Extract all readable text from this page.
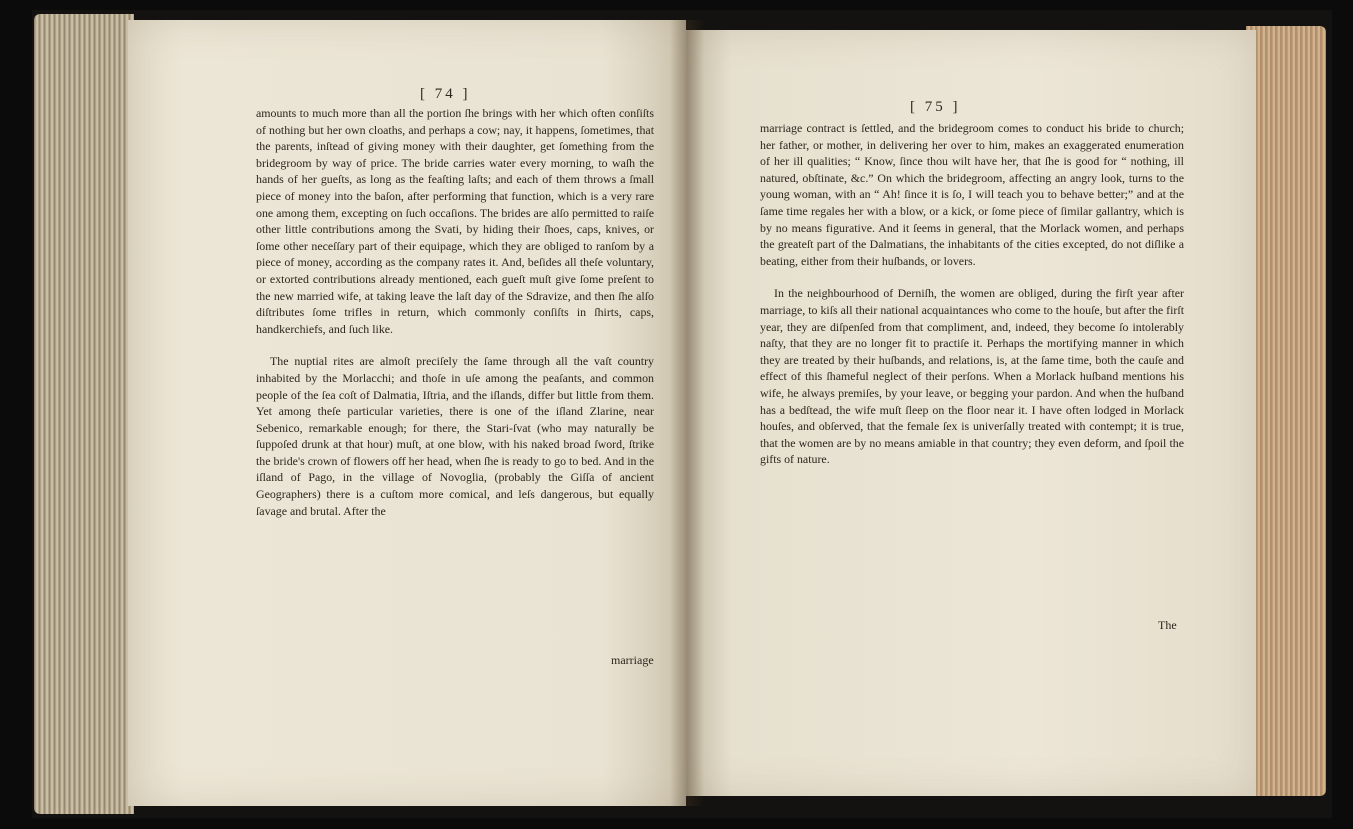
[ 74 ]

amounts to much more than all the portion ſhe brings with her which often conſiſts of nothing but her own cloaths, and perhaps a cow; nay, it happens, ſometimes, that the parents, inſtead of giving money with their daughter, get ſomething from the bridegroom by way of price. The bride carries water every morning, to waſh the hands of her gueſts, as long as the feaſting laſts; and each of them throws a ſmall piece of money into the baſon, after performing that function, which is a very rare one among them, excepting on ſuch occaſions. The brides are alſo permitted to raiſe other little contributions among the Svati, by hiding their ſhoes, caps, knives, or ſome other neceſſary part of their equipage, which they are obliged to ranſom by a piece of money, according as the company rates it. And, beſides all theſe voluntary, or extorted contributions already mentioned, each gueſt muſt give ſome preſent to the new married wife, at taking leave the laſt day of the Sdravize, and then ſhe alſo diſtributes ſome trifles in return, which commonly conſiſts in ſhirts, caps, handkerchiefs, and ſuch like.

The nuptial rites are almoſt preciſely the ſame through all the vaſt country inhabited by the Morlacchi; and thoſe in uſe among the peaſants, and common people of the ſea coſt of Dalmatia, Iſtria, and the iſlands, differ but little from them. Yet among theſe particular varieties, there is one of the iſland Zlarine, near Sebenico, remarkable enough; for there, the Stari-ſvat (who may naturally be ſuppoſed drunk at that hour) muſt, at one blow, with his naked broad ſword, ſtrike the bride's crown of flowers off her head, when ſhe is ready to go to bed. And in the iſland of Pago, in the village of Novoglia, (probably the Giſſa of ancient Geographers) there is a cuſtom more comical, and leſs dangerous, but equally ſavage and brutal. After the

marriage
[ 75 ]

marriage contract is ſettled, and the bridegroom comes to conduct his bride to church; her father, or mother, in delivering her over to him, makes an exaggerated enumeration of her ill qualities; “ Know, ſince thou wilt have her, that ſhe is good for “ nothing, ill natured, obſtinate, &c.” On which the bridegroom, affecting an angry look, turns to the young woman, with an “ Ah! ſince it is ſo, I will teach you to behave better;” and at the ſame time regales her with a blow, or a kick, or ſome piece of ſimilar gallantry, which is by no means figurative. And it ſeems in general, that the Morlack women, and perhaps the greateſt part of the Dalmatians, the inhabitants of the cities excepted, do not diſlike a beating, either from their huſbands, or lovers.

In the neighbourhood of Derniſh, the women are obliged, during the firſt year after marriage, to kiſs all their national acquaintances who come to the houſe, but after the firſt year, they are diſpenſed from that compliment, and, indeed, they become ſo intolerably naſty, that they are no longer fit to practiſe it. Perhaps the mortifying manner in which they are treated by their huſbands, and relations, is, at the ſame time, both the cauſe and effect of this ſhameful neglect of their perſons. When a Morlack huſband mentions his wife, he always premiſes, by your leave, or begging your pardon. And when the huſband has a bedſtead, the wife muſt ſleep on the floor near it. I have often lodged in Morlack houſes, and obſerved, that the female ſex is univerſally treated with contempt; it is true, that the women are by no means amiable in that country; they even deform, and ſpoil the gifts of nature.

The
